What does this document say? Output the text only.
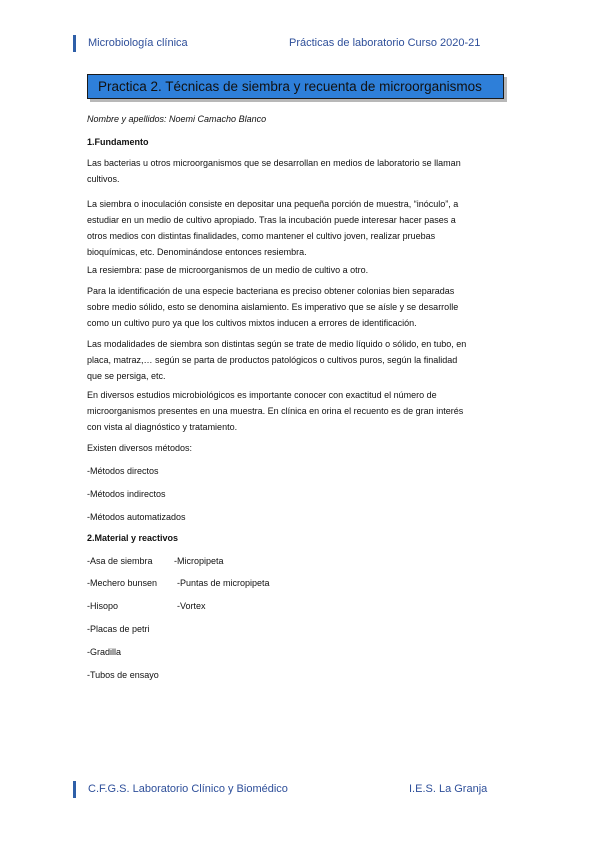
Microbiología clínica	Prácticas de laboratorio Curso 2020-21
Practica 2. Técnicas de siembra y recuenta de microorganismos
Nombre y apellidos: Noemi Camacho Blanco
1.Fundamento
Las bacterias u otros microorganismos que se desarrollan en medios de laboratorio se llaman
cultivos.
La siembra o inoculación consiste en depositar una pequeña porción de muestra, “inóculo”, a
estudiar en un medio de cultivo apropiado. Tras la incubación puede interesar hacer pases a
otros medios con distintas finalidades, como mantener el cultivo joven, realizar pruebas
bioquímicas, etc. Denominándose entonces resiembra.
La resiembra: pase de microorganismos de un medio de cultivo a otro.
Para la identificación de una especie bacteriana es preciso obtener colonias bien separadas
sobre medio sólido, esto se denomina aislamiento. Es imperativo que se aísle y se desarrolle
como un cultivo puro ya que los cultivos mixtos inducen a errores de identificación.
Las modalidades de siembra son distintas según se trate de medio líquido o sólido, en tubo, en
placa, matraz,… según se parta de productos patológicos o cultivos puros, según la finalidad
que se persiga, etc.
En diversos estudios microbiológicos es importante conocer con exactitud el número de
microorganismos presentes en una muestra. En clínica en orina el recuento es de gran interés
con vista al diagnóstico y tratamiento.
Existen diversos métodos:
-Métodos directos
-Métodos indirectos
-Métodos automatizados
2.Material y reactivos
-Asa de siembra -Micropipeta
-Mechero bunsen -Puntas de micropipeta
-Hisopo	-Vortex
-Placas de petri
-Gradilla
-Tubos de ensayo
C.F.G.S. Laboratorio Clínico y Biomédico	I.E.S. La Granja
